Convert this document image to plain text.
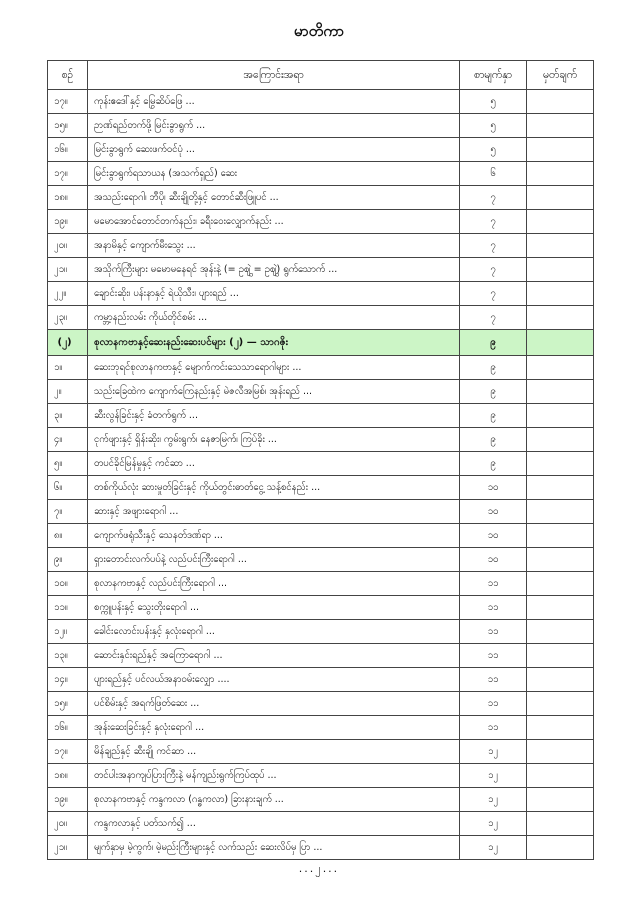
မာတိကာ
စဉ်	အကြောင်းအရာ	စာမျက်နှာ	မှတ်ချက်
၁၇။	ကုန်းဧဒေါ်နှင့် မြွေဆိပ်ဖြေ ...	၅	
၁၅။	ဉာဏ်ရည်တက်ဖို့ မြင်းခွာရွက် ...	၅	
၁၆။	မြင်းခွာရွက် ဆေးဖက်ဝင်ပုံ ...	၅	
၁၇။	မြင်းခွာရွက်ရသာယန (အသက်ရှည်) ဆေး	၆	
၁၈။	အသည်းရောဂါ၊ ဘီပို၊ ဆီးချိုတို့နှင့် တောင်ဆီးဖြူပင် ...	၇	
၁၉။	မမောအောင်တောင်တက်နည်း၊ ခရီးဝေးလျှောက်နည်း ...	၇	
၂၀။	အနာမိနှင့် ကျောက်မီးသွေး ...	၇	
၂၁။	အသိုက်ကြီးများ မမောမနေရင် အုန်းနဲ့ (= ဥဈွဲ = ဥဈွဲ) ရွက်သောက် ...	၇	
၂၂။	ချောင်းဆိုး၊ ပန်းနာနှင့် ရဲယိုသီး၊ ပျားရည် ...	၇	
၂၃။	ကမ္ဘာ့နည်းလမ်း ကိုယ်တိုင်စမ်း ...	၇	
(၂)	စုလာနကဗာနှင့်ဆေးနည်းဆေးပင်များ (၂) — သာဂဇိုး	၉	
၁။	ဆေးဘုရင်စုလာနကဗာနှင့် မျောက်ကင်းသေသာရောဂါများ ...	၉	
၂။	သည်းခြေထဲက ကျောက်ကြေနည်းနှင့် မဲဇလီအမြစ်၊ အုန်းရည် ...	၉	
၃။	ဆီးလွန်ခြင်းနှင့် ခံတက်ရွက် ...	၉	
၄။	ငုက်ဖျားနှင့် ရှိန်းဆိုး၊ ကွမ်းရွက်၊ နေဇာမြက်၊ ကြပ်ခိုး ...	၉	
၅။	တပင်ခိုင်မြန်မှုနှင့် ကင်ဆာ ...	၉	
၆။	တစ်ကိုယ်လုံး ဆားမှုတ်ခြင်းနှင့် ကိုယ်တွင်းဓာတ်ငွေ့ သန့်စင်နည်း ...	၁၀	
၇။	ဆားနှင့် အဖျားရောဂါ ...	၁၀	
၈။	ကျောက်ဖရုံသီးနှင့် သေနတ်ဒဏ်ရာ ...	၁၀	
၉။	ရှားတောင်းလက်ပပ်နဲ့ လည်ပင်းကြီးရောဂါ ...	၁၀	
၁၀။	စုလာနကဗာနှင့် လည်ပင်းကြီးရောဂါ ...	၁၁	
၁၁။	စက္ကူပန်းနှင့် သွေးတိုးရောဂါ ...	၁၁	
၁၂။	ခေါင်းလောင်းပန်းနှင့် နှလုံးရောဂါ ...	၁၁	
၁၃။	ဆောင်းနှင်းရည်နှင့် အကြောရောဂါ ...	၁၁	
၁၄။	ပျားရည်နှင့် ပင်လယ်အနာဝမ်းလျှော ....	၁၁	
၁၅။	ပင်စိမ်းနှင့် အရက်ဖြတ်ဆေး ...	၁၁	
၁၆။	အုန်းဆေးခြင်းနှင့် နှလုံးရောဂါ ...	၁၁	
၁၇။	မိန်ချည်နှင့် ဆီးချို ကင်ဆာ ...	၁၂	
၁၈။	တင်ပါးအနာကျပ်ပြားကြီးနဲ့ မန်ကျည်းရွက်ကြပ်ထုပ် ...	၁၂	
၁၉။	စုလာနကဗာနှင့် ကန္ဒကလာ (ဂန္ဓကလာ) ခြားနားချက် ...	၁၂	
၂၀။	ကန္ဒကလာနှင့် ပတ်သက်၍ ...	၁၂	
၂၁။	မျက်နှာမှ မဲ့ကွက်၊ မဲ့မည်းကြီးများနှင့် လက်သည်း ဆေးလိပ်မှ ပြာ ...	၁၂	
...၂...
